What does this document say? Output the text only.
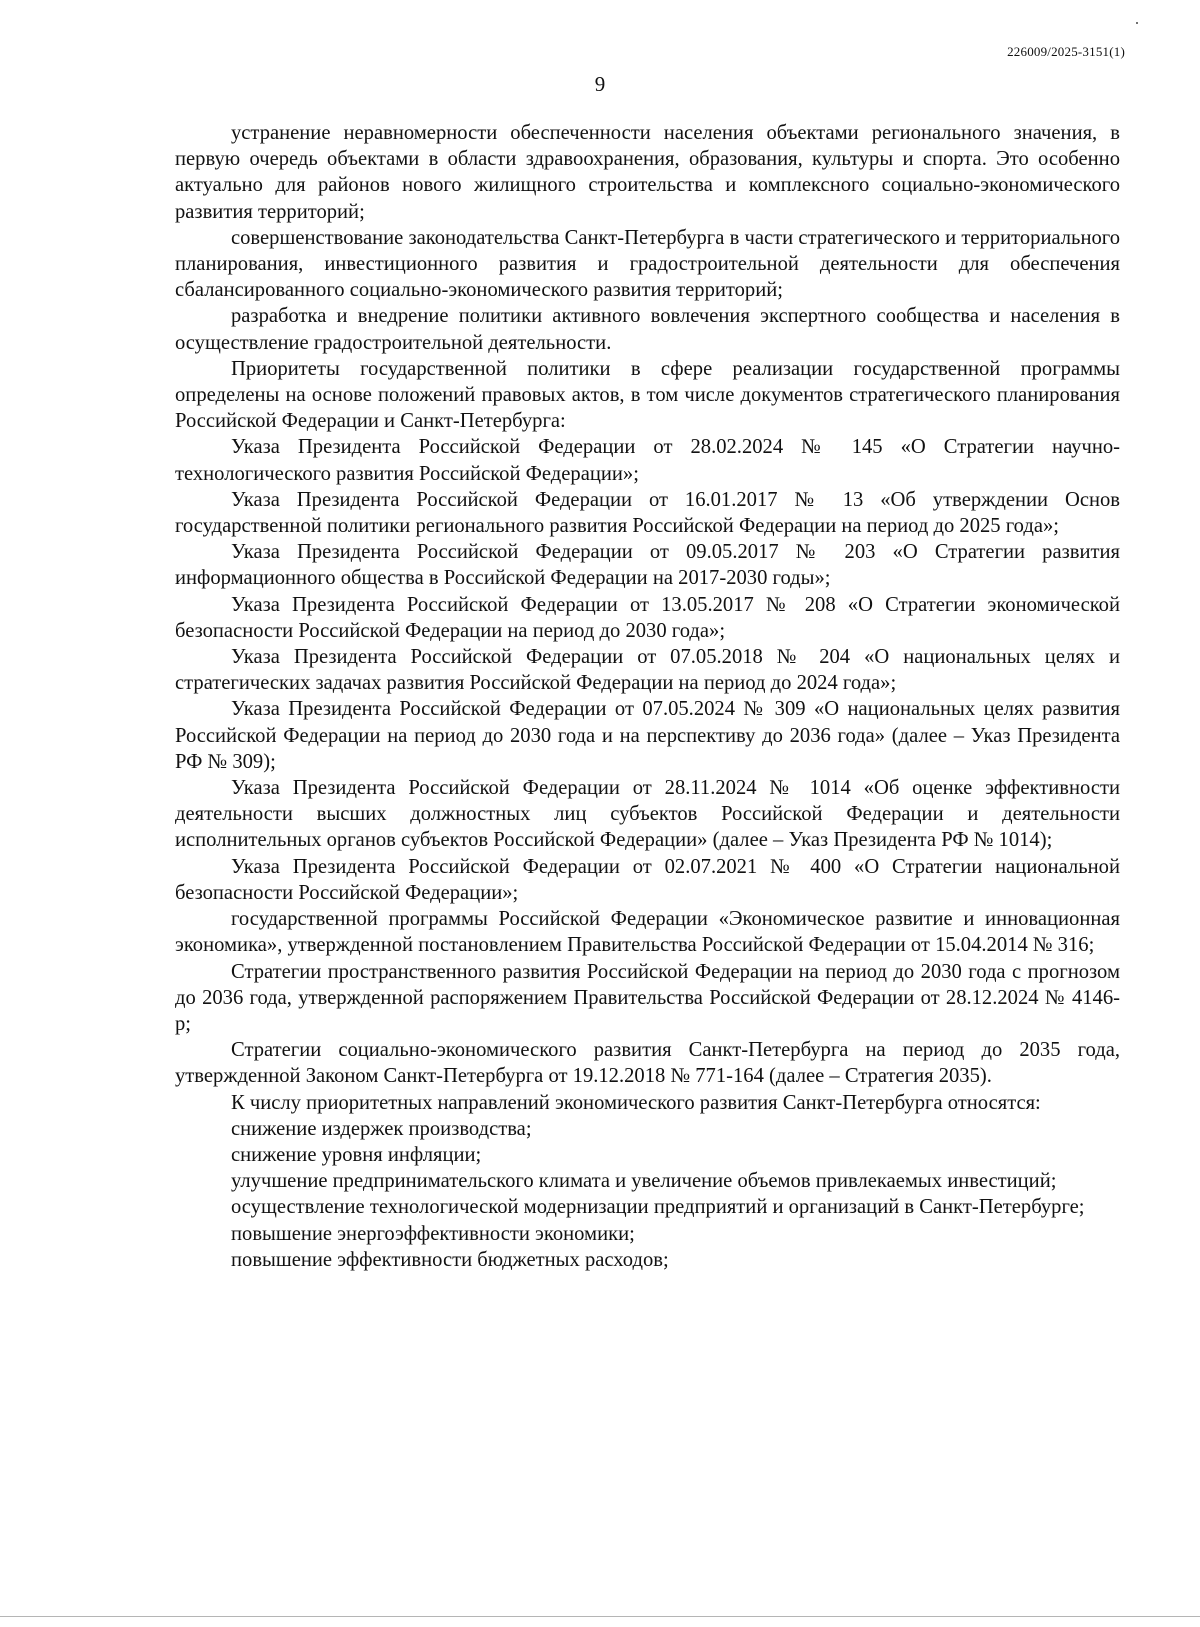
226009/2025-3151(1)
9

устранение неравномерности обеспеченности населения объектами регионального значения, в первую очередь объектами в области здравоохранения, образования, культуры и спорта. Это особенно актуально для районов нового жилищного строительства и комплексного социально-экономического развития территорий;

совершенствование законодательства Санкт-Петербурга в части стратегического и территориального планирования, инвестиционного развития и градостроительной деятельности для обеспечения сбалансированного социально-экономического развития территорий;

разработка и внедрение политики активного вовлечения экспертного сообщества и населения в осуществление градостроительной деятельности.

Приоритеты государственной политики в сфере реализации государственной программы определены на основе положений правовых актов, в том числе документов стратегического планирования Российской Федерации и Санкт-Петербурга:

Указа Президента Российской Федерации от 28.02.2024 № 145 «О Стратегии научно-технологического развития Российской Федерации»;

Указа Президента Российской Федерации от 16.01.2017 № 13 «Об утверждении Основ государственной политики регионального развития Российской Федерации на период до 2025 года»;

Указа Президента Российской Федерации от 09.05.2017 № 203 «О Стратегии развития информационного общества в Российской Федерации на 2017-2030 годы»;

Указа Президента Российской Федерации от 13.05.2017 № 208 «О Стратегии экономической безопасности Российской Федерации на период до 2030 года»;

Указа Президента Российской Федерации от 07.05.2018 № 204 «О национальных целях и стратегических задачах развития Российской Федерации на период до 2024 года»;

Указа Президента Российской Федерации от 07.05.2024 № 309 «О национальных целях развития Российской Федерации на период до 2030 года и на перспективу до 2036 года» (далее – Указ Президента РФ № 309);

Указа Президента Российской Федерации от 28.11.2024 № 1014 «Об оценке эффективности деятельности высших должностных лиц субъектов Российской Федерации и деятельности исполнительных органов субъектов Российской Федерации» (далее – Указ Президента РФ № 1014);

Указа Президента Российской Федерации от 02.07.2021 № 400 «О Стратегии национальной безопасности Российской Федерации»;

государственной программы Российской Федерации «Экономическое развитие и инновационная экономика», утвержденной постановлением Правительства Российской Федерации от 15.04.2014 № 316;

Стратегии пространственного развития Российской Федерации на период до 2030 года с прогнозом до 2036 года, утвержденной распоряжением Правительства Российской Федерации от 28.12.2024 № 4146-р;

Стратегии социально-экономического развития Санкт-Петербурга на период до 2035 года, утвержденной Законом Санкт-Петербурга от 19.12.2018 № 771-164 (далее – Стратегия 2035).

К числу приоритетных направлений экономического развития Санкт-Петербурга относятся:

снижение издержек производства;

снижение уровня инфляции;

улучшение предпринимательского климата и увеличение объемов привлекаемых инвестиций;

осуществление технологической модернизации предприятий и организаций в Санкт-Петербурге;

повышение энергоэффективности экономики;

повышение эффективности бюджетных расходов;
